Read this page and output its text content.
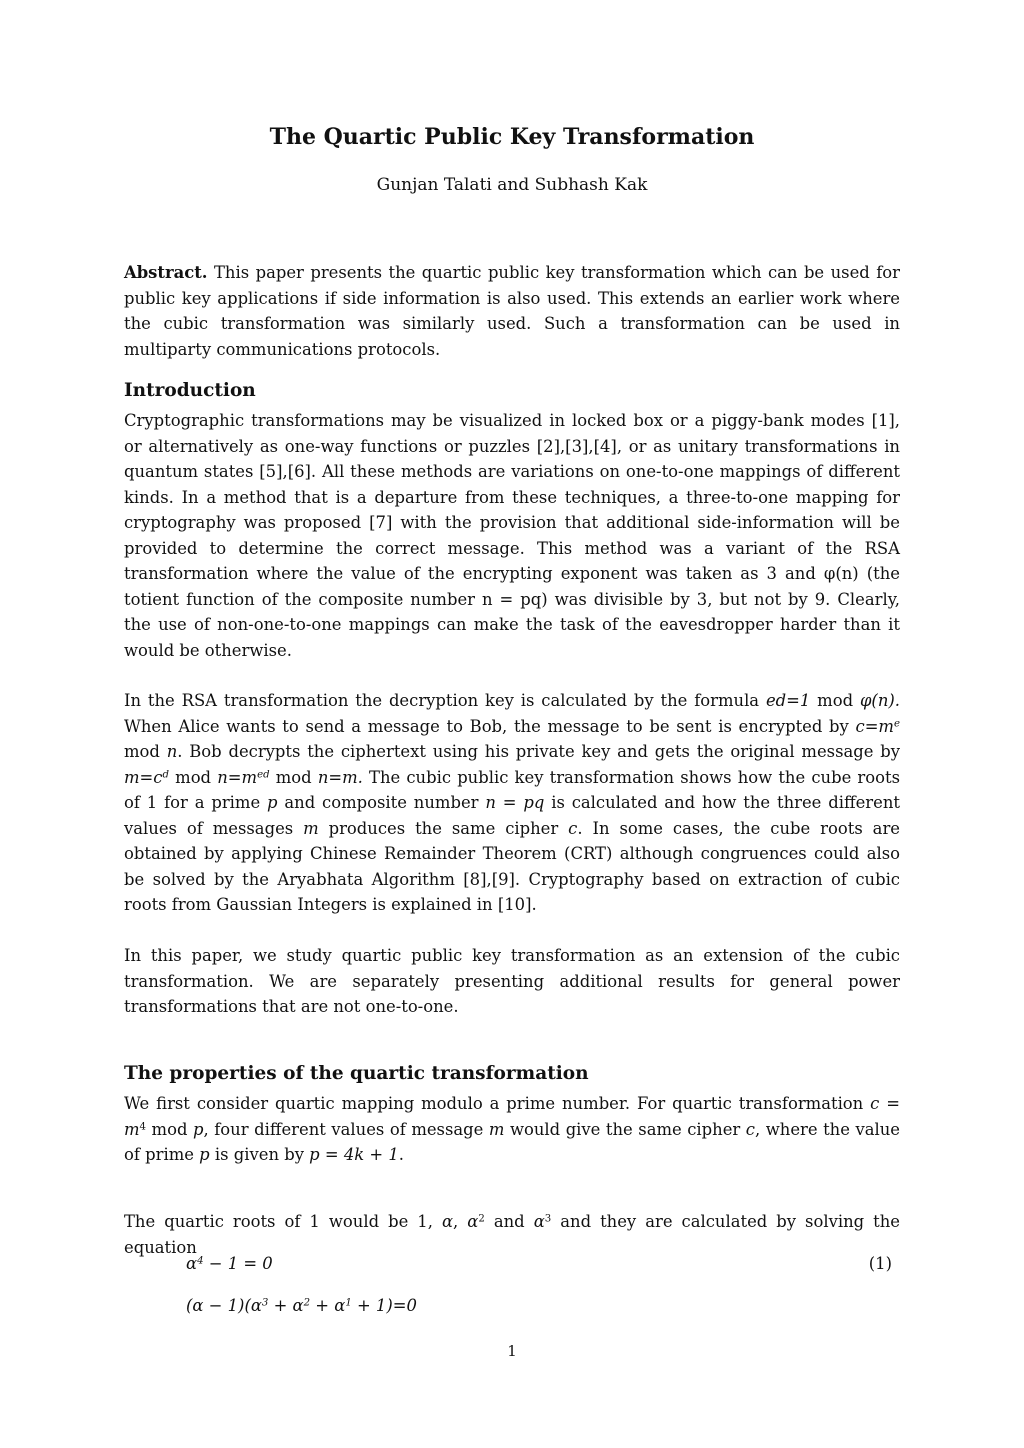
The Quartic Public Key Transformation
Gunjan Talati and Subhash Kak

Abstract. This paper presents the quartic public key transformation which can be used for public key applications if side information is also used. This extends an earlier work where the cubic transformation was similarly used. Such a transformation can be used in multiparty communications protocols.

Introduction

Cryptographic transformations may be visualized in locked box or a piggy-bank modes [1], or alternatively as one-way functions or puzzles [2],[3],[4], or as unitary transformations in quantum states [5],[6]. All these methods are variations on one-to-one mappings of different kinds. In a method that is a departure from these techniques, a three-to-one mapping for cryptography was proposed [7] with the provision that additional side-information will be provided to determine the correct message. This method was a variant of the RSA transformation where the value of the encrypting exponent was taken as 3 and φ(n) (the totient function of the composite number n = pq) was divisible by 3, but not by 9. Clearly, the use of non-one-to-one mappings can make the task of the eavesdropper harder than it would be otherwise.

In the RSA transformation the decryption key is calculated by the formula ed=1 mod φ(n). When Alice wants to send a message to Bob, the message to be sent is encrypted by $c=m^e$ mod n. Bob decrypts the ciphertext using his private key and gets the original message by $m=c^d$ mod $n=m^{ed}$ mod n=m. The cubic public key transformation shows how the cube roots of 1 for a prime p and composite number n = pq is calculated and how the three different values of messages m produces the same cipher c. In some cases, the cube roots are obtained by applying Chinese Remainder Theorem (CRT) although congruences could also be solved by the Aryabhata Algorithm [8],[9]. Cryptography based on extraction of cubic roots from Gaussian Integers is explained in [10].

In this paper, we study quartic public key transformation as an extension of the cubic transformation. We are separately presenting additional results for general power transformations that are not one-to-one.

The properties of the quartic transformation

We first consider quartic mapping modulo a prime number. For quartic transformation $c = m^4$ mod p, four different values of message m would give the same cipher c, where the value of prime p is given by p = 4k + 1.

The quartic roots of 1 would be 1, α, $\alpha^2$ and $\alpha^3$ and they are calculated by solving the equation

$\alpha^4 - 1 = 0$	(1)
$(\alpha - 1)(\alpha^3 + \alpha^2 + \alpha^1 + 1)=0$
1
